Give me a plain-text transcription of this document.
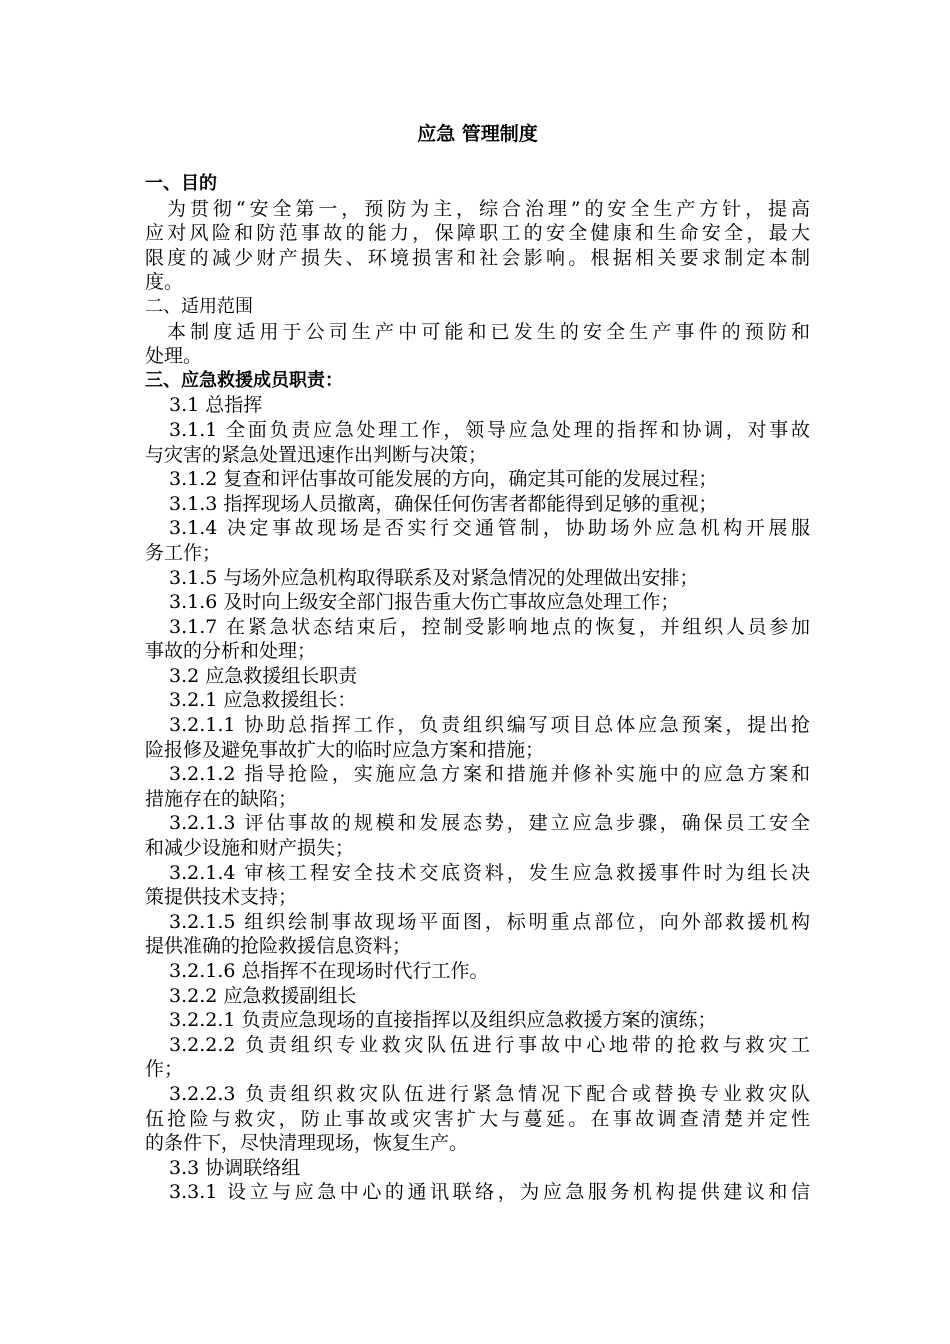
应急 管理制度
一、目的
为贯彻“安全第一，预防为主，综合治理”的安全生产方针，提高
应对风险和防范事故的能力，保障职工的安全健康和生命安全，最大
限度的减少财产损失、环境损害和社会影响。根据相关要求制定本制
度。
二、适用范围
本制度适用于公司生产中可能和已发生的安全生产事件的预防和
处理。
三、应急救援成员职责：
3.1 总指挥
3.1.1 全面负责应急处理工作，领导应急处理的指挥和协调，对事故
与灾害的紧急处置迅速作出判断与决策；
3.1.2 复查和评估事故可能发展的方向，确定其可能的发展过程；
3.1.3 指挥现场人员撤离，确保任何伤害者都能得到足够的重视；
3.1.4 决定事故现场是否实行交通管制，协助场外应急机构开展服
务工作；
3.1.5 与场外应急机构取得联系及对紧急情况的处理做出安排；
3.1.6 及时向上级安全部门报告重大伤亡事故应急处理工作；
3.1.7 在紧急状态结束后，控制受影响地点的恢复，并组织人员参加
事故的分析和处理；
3.2 应急救援组长职责
3.2.1 应急救援组长：
3.2.1.1 协助总指挥工作，负责组织编写项目总体应急预案，提出抢
险报修及避免事故扩大的临时应急方案和措施；
3.2.1.2 指导抢险，实施应急方案和措施并修补实施中的应急方案和
措施存在的缺陷；
3.2.1.3 评估事故的规模和发展态势，建立应急步骤，确保员工安全
和减少设施和财产损失；
3.2.1.4 审核工程安全技术交底资料，发生应急救援事件时为组长决
策提供技术支持；
3.2.1.5 组织绘制事故现场平面图，标明重点部位，向外部救援机构
提供准确的抢险救援信息资料；
3.2.1.6 总指挥不在现场时代行工作。
3.2.2 应急救援副组长
3.2.2.1 负责应急现场的直接指挥以及组织应急救援方案的演练；
3.2.2.2 负责组织专业救灾队伍进行事故中心地带的抢救与救灾工
作；
3.2.2.3 负责组织救灾队伍进行紧急情况下配合或替换专业救灾队
伍抢险与救灾，防止事故或灾害扩大与蔓延。在事故调查清楚并定性
的条件下，尽快清理现场，恢复生产。
3.3 协调联络组
3.3.1 设立与应急中心的通讯联络，为应急服务机构提供建议和信
